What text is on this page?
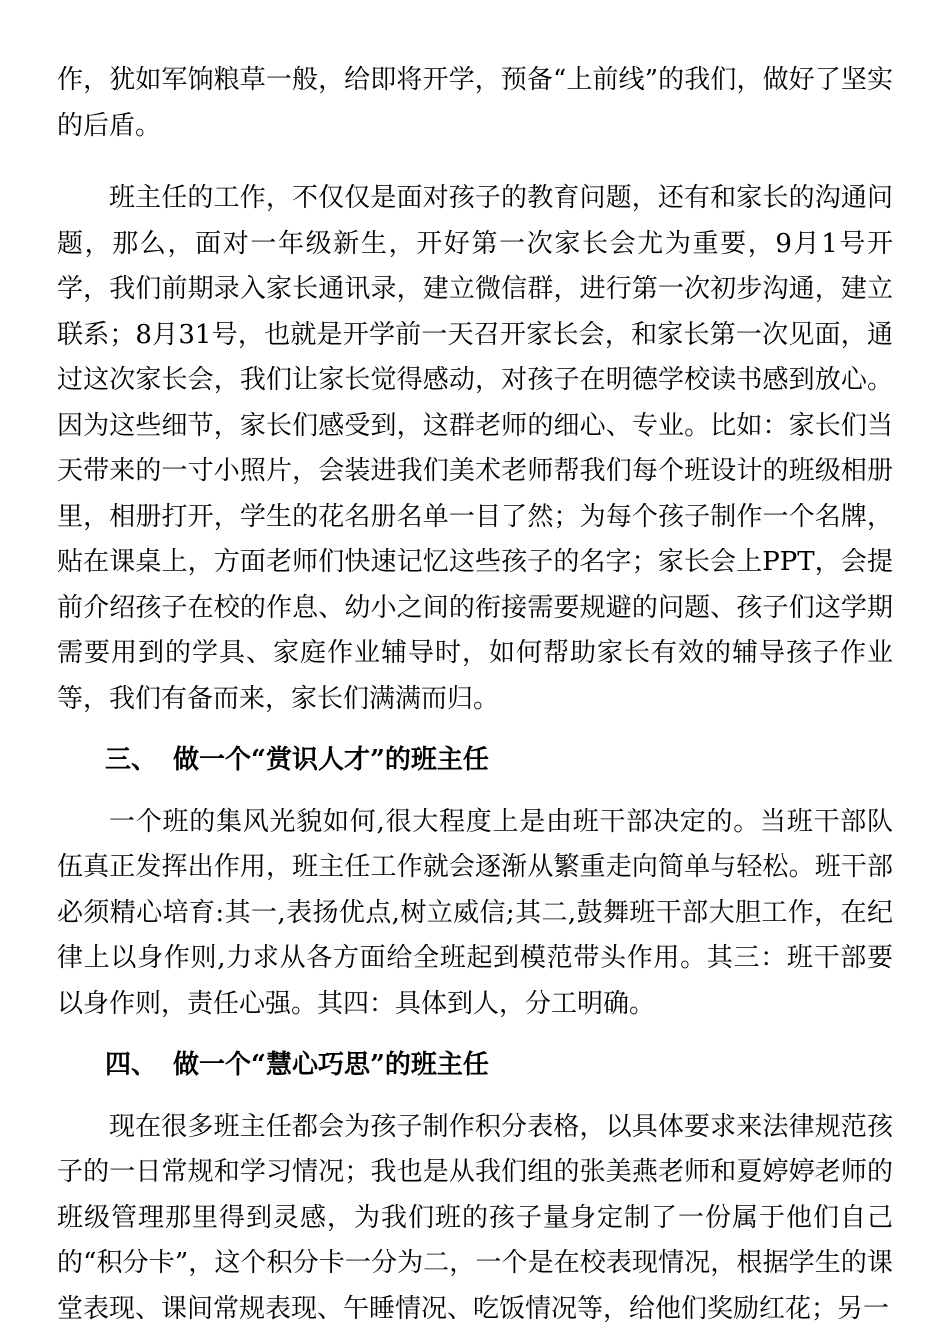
作，犹如军饷粮草一般，给即将开学，预备“上前线”的我们，做好了坚实的后盾。

班主任的工作，不仅仅是面对孩子的教育问题，还有和家长的沟通问题，那么，面对一年级新生，开好第一次家长会尤为重要，9月1号开学，我们前期录入家长通讯录，建立微信群，进行第一次初步沟通，建立联系；8月31号，也就是开学前一天召开家长会，和家长第一次见面，通过这次家长会，我们让家长觉得感动，对孩子在明德学校读书感到放心。因为这些细节，家长们感受到，这群老师的细心、专业。比如：家长们当天带来的一寸小照片，会装进我们美术老师帮我们每个班设计的班级相册里，相册打开，学生的花名册名单一目了然；为每个孩子制作一个名牌，贴在课桌上，方面老师们快速记忆这些孩子的名字；家长会上PPT，会提前介绍孩子在校的作息、幼小之间的衔接需要规避的问题、孩子们这学期需要用到的学具、家庭作业辅导时，如何帮助家长有效的辅导孩子作业等，我们有备而来，家长们满满而归。

三、 做一个“赏识人才”的班主任

一个班的集风光貌如何,很大程度上是由班干部决定的。当班干部队伍真正发挥出作用，班主任工作就会逐渐从繁重走向简单与轻松。班干部必须精心培育:其一,表扬优点,树立威信;其二,鼓舞班干部大胆工作，在纪律上以身作则,力求从各方面给全班起到模范带头作用。其三：班干部要以身作则，责任心强。其四：具体到人，分工明确。

四、 做一个“慧心巧思”的班主任

现在很多班主任都会为孩子制作积分表格，以具体要求来法律规范孩子的一日常规和学习情况；我也是从我们组的张美燕老师和夏婷婷老师的班级管理那里得到灵感，为我们班的孩子量身定制了一份属于他们自己的“积分卡”，这个积分卡一分为二，一个是在校表现情况，根据学生的课堂表现、课间常规表现、午睡情况、吃饭情况等，给他们奖励红花；另一
